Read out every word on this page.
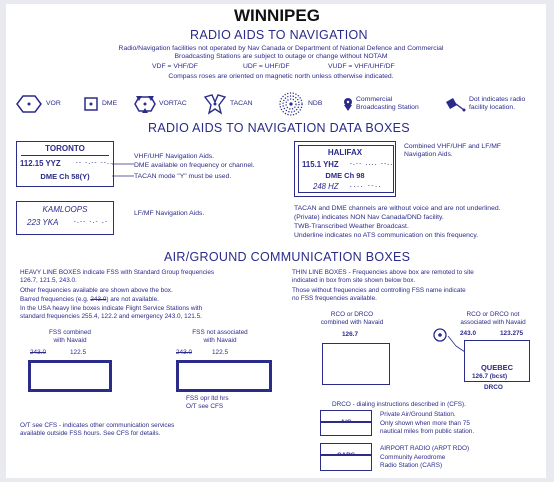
WINNIPEG
RADIO AIDS TO NAVIGATION
Radio/Navigation facilities not operated by Nav Canada or Department of National Defence and Commercial
Broadcasting Stations are subject to outage or change without NOTAM
VDF = VHF/DF	UDF = UHF/DF	VUDF = VHF/UHF/DF
Compass roses are oriented on magnetic north unless otherwise indicated.
VOR	DME	VORTAC	TACAN	NDB
Commercial
Broadcasting Station
Dot indicates radio
facility location.
RADIO AIDS TO NAVIGATION DATA BOXES
TORONTO
112.15 YYZ -- -.-- --..
DME Ch 58(Y)
VHF/UHF Navigation Aids.
DME available on frequency or channel.
TACAN mode "Y" must be used.
HALIFAX
115.1 YHZ -.-- .... --..
DME Ch 98
248 HZ .... --..
Combined VHF/UHF and LF/MF
Navigation Aids.
KAMLOOPS
223 YKA -.-- -.- .-
LF/MF Navigation Aids.
TACAN and DME channels are without voice and are not underlined.
(Private) indicates NON Nav Canada/DND facility.
TWB-Transcribed Weather Broadcast.
Underline indicates no ATS communication on this frequency.
AIR/GROUND COMMUNICATION BOXES
HEAVY LINE BOXES indicate FSS with Standard Group frequencies
126.7, 121.5, 243.0.
Other frequencies available are shown above the box.
Barred frequencies (e.g. 243.0) are not available.
In the USA heavy line boxes indicate Flight Service Stations with
standard frequencies 255.4, 122.2 and emergency 243.0, 121.5.
FSS combined
with Navaid
243.0	122.5
FSS not associated
with Navaid
243.0	122.5
FSS opr ltd hrs
O/T see CFS
O/T see CFS - indicates other communication services
available outside FSS hours. See CFS for details.
THIN LINE BOXES - Frequencies above box are remoted to site
indicated in box from site shown below box.
Those without frequencies and controlling FSS name indicate
no FSS frequencies available.
RCO or DRCO
combined with Navaid
126.7
RCO or DRCO not
associated with Navaid
243.0	123.275
QUEBEC
126.7 (bcst)
DRCO
DRCO - dialing instructions described in (CFS).
Private Air/Ground Station.
Only shown when more than 75
nautical miles from public station.
AIRPORT RADIO (ARPT RDO)
Community Aerodrome
Radio Station (CARS)
